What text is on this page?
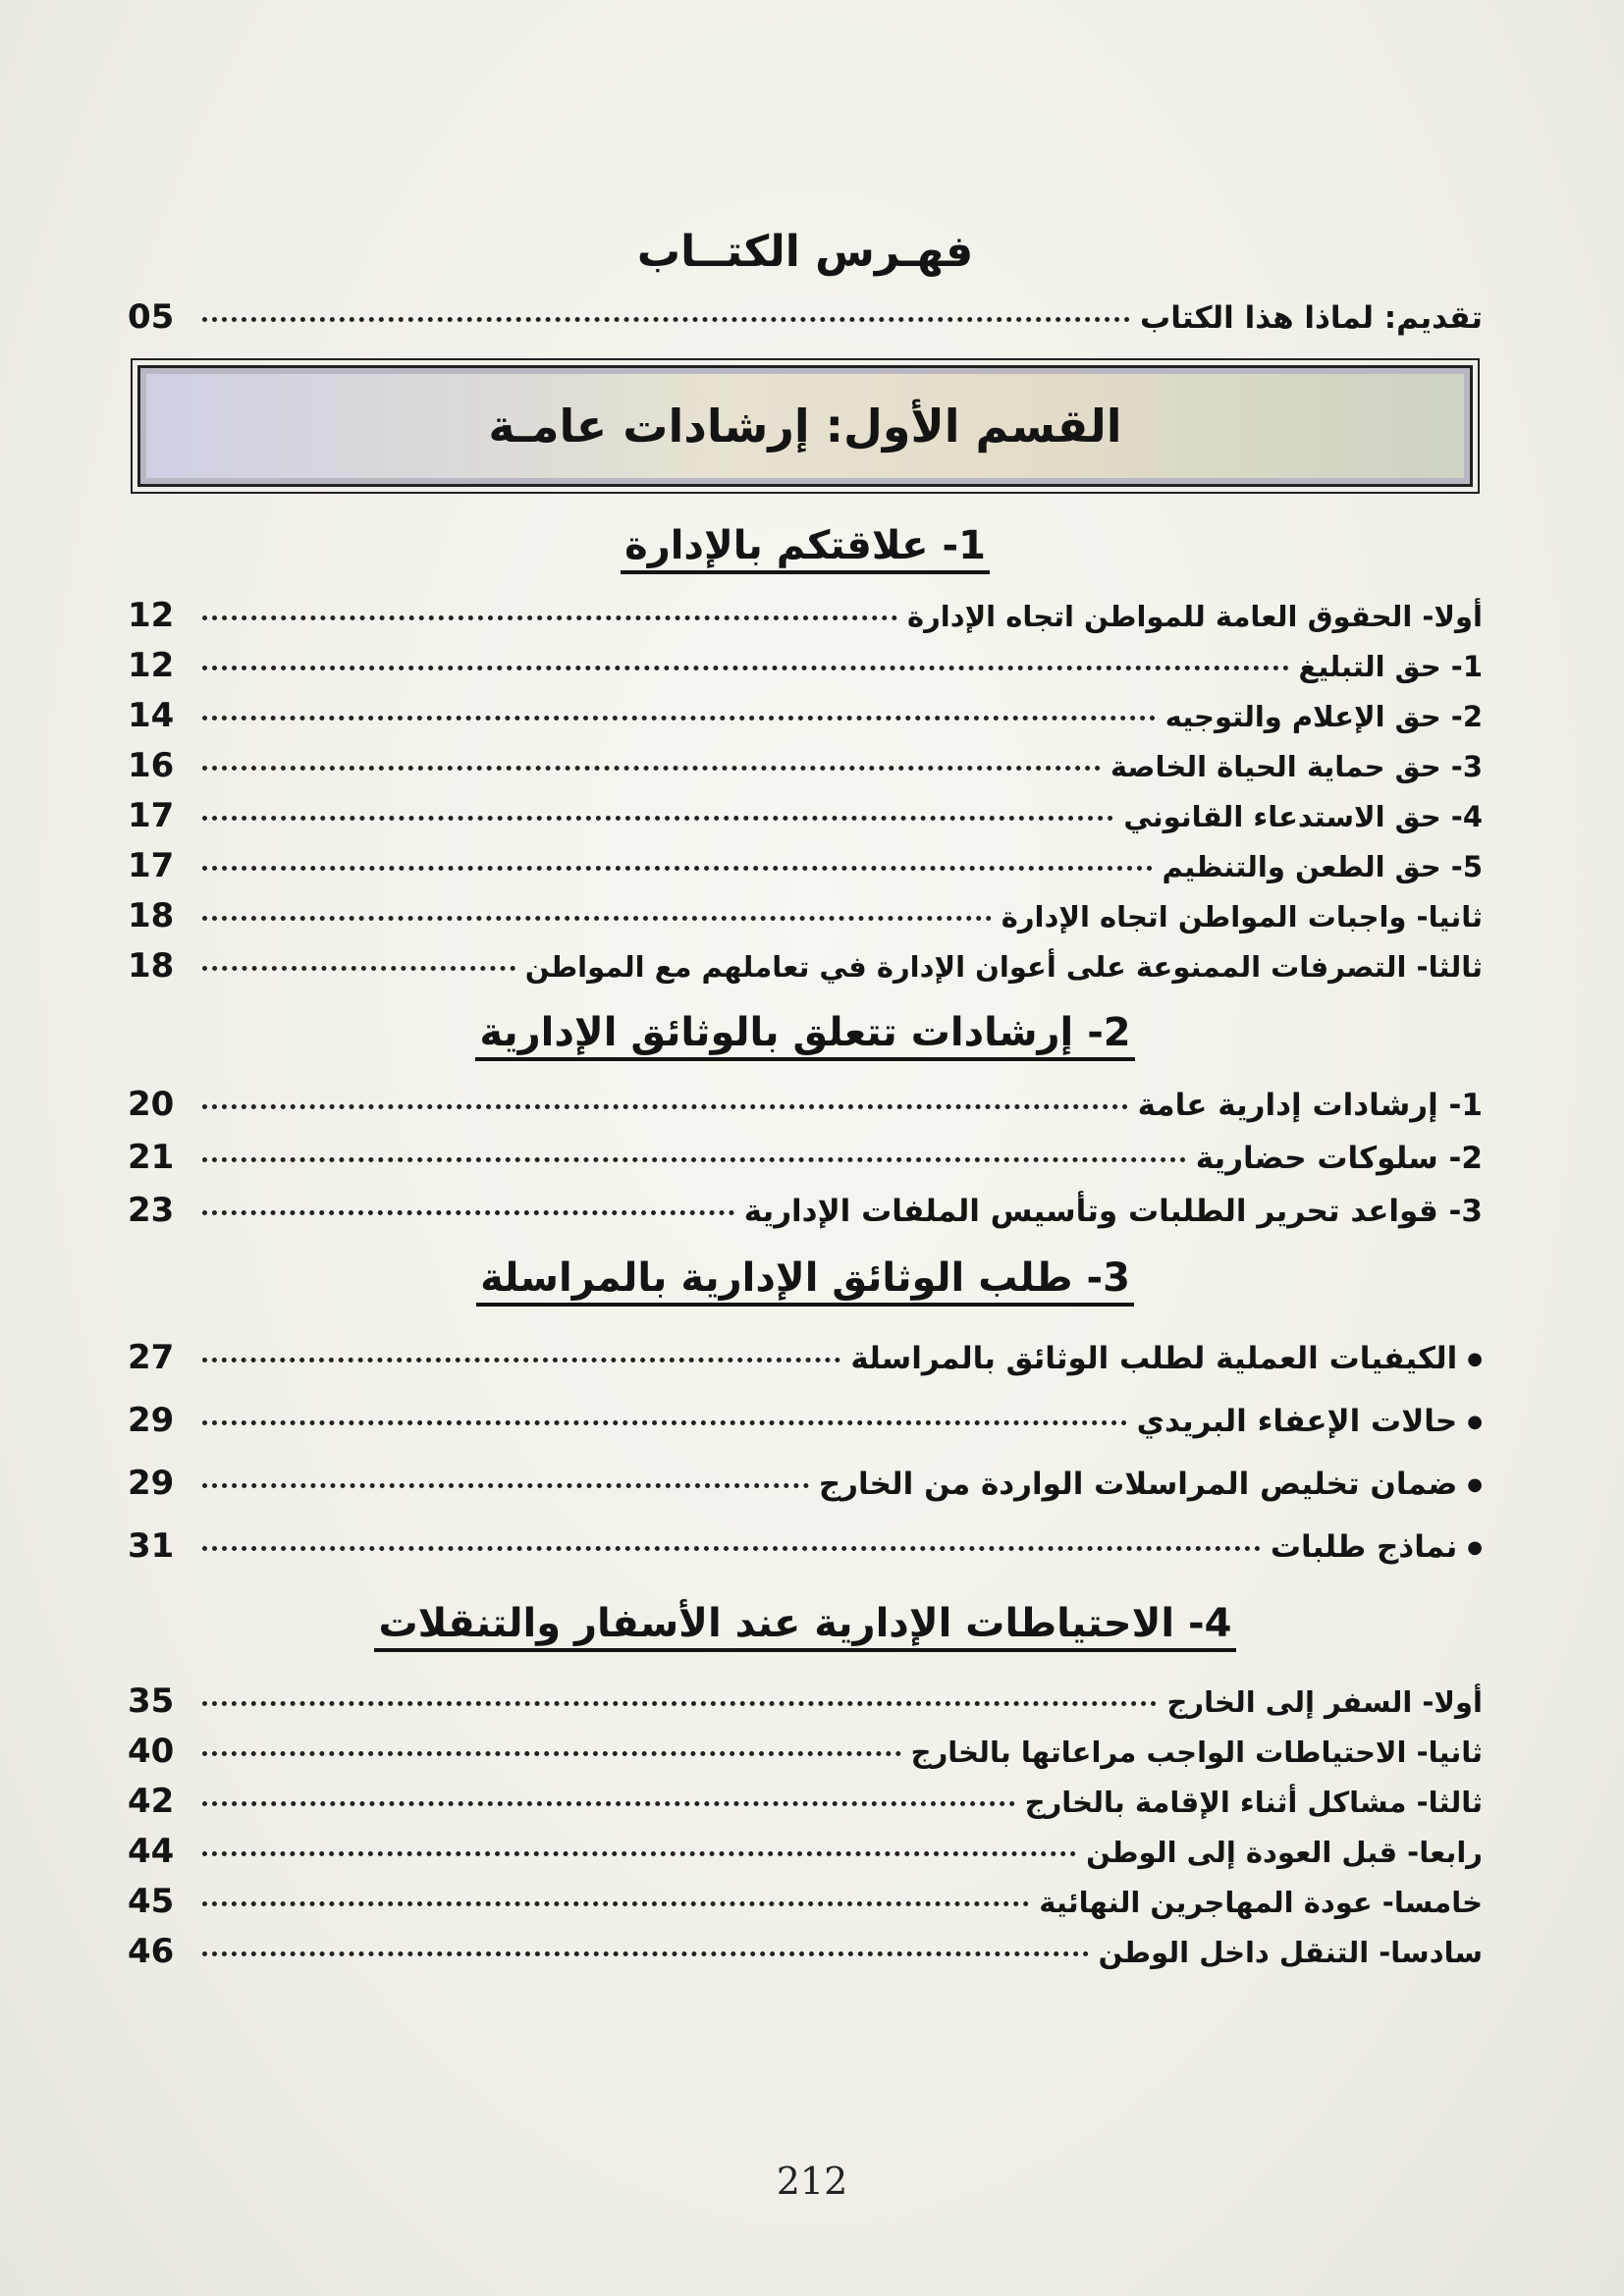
فهـرس الكتــاب
تقديم: لماذا هذا الكتاب
05
القسم الأول: إرشادات عامـة
1- علاقتكم بالإدارة
أولا- الحقوق العامة للمواطن اتجاه الإدارة
12
1- حق التبليغ
12
2- حق الإعلام والتوجيه
14
3- حق حماية الحياة الخاصة
16
4- حق الاستدعاء القانوني
17
5- حق الطعن والتنظيم
17
ثانيا- واجبات المواطن اتجاه الإدارة
18
ثالثا- التصرفات الممنوعة على أعوان الإدارة في تعاملهم مع المواطن
18
2- إرشادات تتعلق بالوثائق الإدارية
1- إرشادات إدارية عامة
20
2- سلوكات حضارية
21
3- قواعد تحرير الطلبات وتأسيس الملفات الإدارية
23
3- طلب الوثائق الإدارية بالمراسلة
● الكيفيات العملية لطلب الوثائق بالمراسلة
27
● حالات الإعفاء البريدي
29
● ضمان تخليص المراسلات الواردة من الخارج
29
● نماذج طلبات
31
4- الاحتياطات الإدارية عند الأسفار والتنقلات
أولا- السفر إلى الخارج
35
ثانيا- الاحتياطات الواجب مراعاتها بالخارج
40
ثالثا- مشاكل أثناء الإقامة بالخارج
42
رابعا- قبل العودة إلى الوطن
44
خامسا- عودة المهاجرين النهائية
45
سادسا- التنقل داخل الوطن
46
212
